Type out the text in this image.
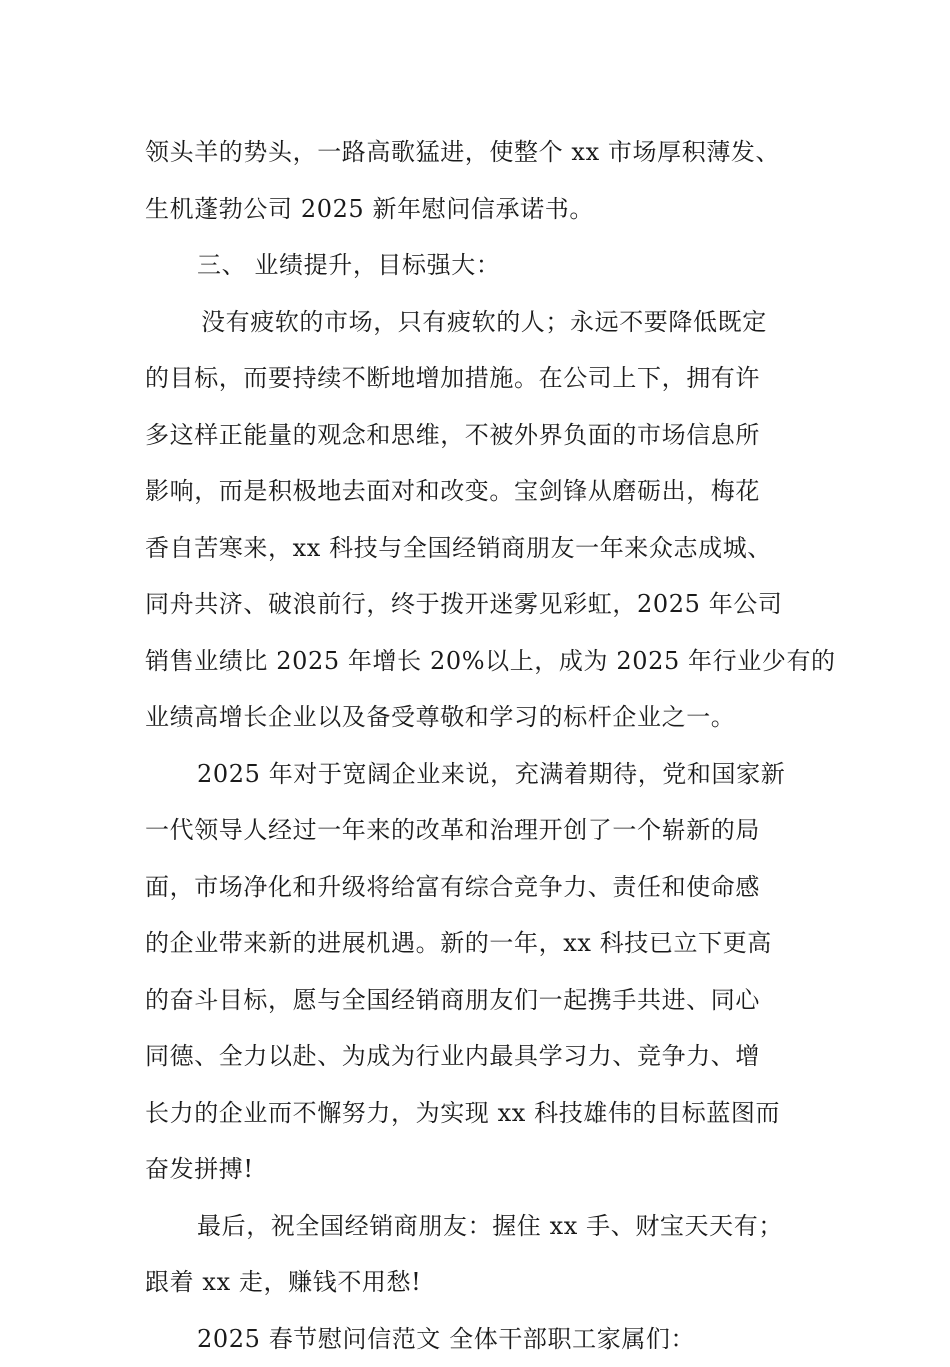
领头羊的势头，一路高歌猛进，使整个 xx 市场厚积薄发、
生机蓬勃公司 2025 新年慰问信承诺书。
三、 业绩提升，目标强大：
没有疲软的市场，只有疲软的人；永远不要降低既定
的目标，而要持续不断地增加措施。在公司上下，拥有许
多这样正能量的观念和思维，不被外界负面的市场信息所
影响，而是积极地去面对和改变。宝剑锋从磨砺出，梅花
香自苦寒来，xx 科技与全国经销商朋友一年来众志成城、
同舟共济、破浪前行，终于拨开迷雾见彩虹，2025 年公司
销售业绩比 2025 年增长 20%以上，成为 2025 年行业少有的
业绩高增长企业以及备受尊敬和学习的标杆企业之一。
2025 年对于宽阔企业来说，充满着期待，党和国家新
一代领导人经过一年来的改革和治理开创了一个崭新的局
面，市场净化和升级将给富有综合竞争力、责任和使命感
的企业带来新的进展机遇。新的一年，xx 科技已立下更高
的奋斗目标，愿与全国经销商朋友们一起携手共进、同心
同德、全力以赴、为成为行业内最具学习力、竞争力、增
长力的企业而不懈努力，为实现 xx 科技雄伟的目标蓝图而
奋发拼搏!
最后，祝全国经销商朋友：握住 xx 手、财宝天天有；
跟着 xx 走，赚钱不用愁!
2025 春节慰问信范文 全体干部职工家属们：
